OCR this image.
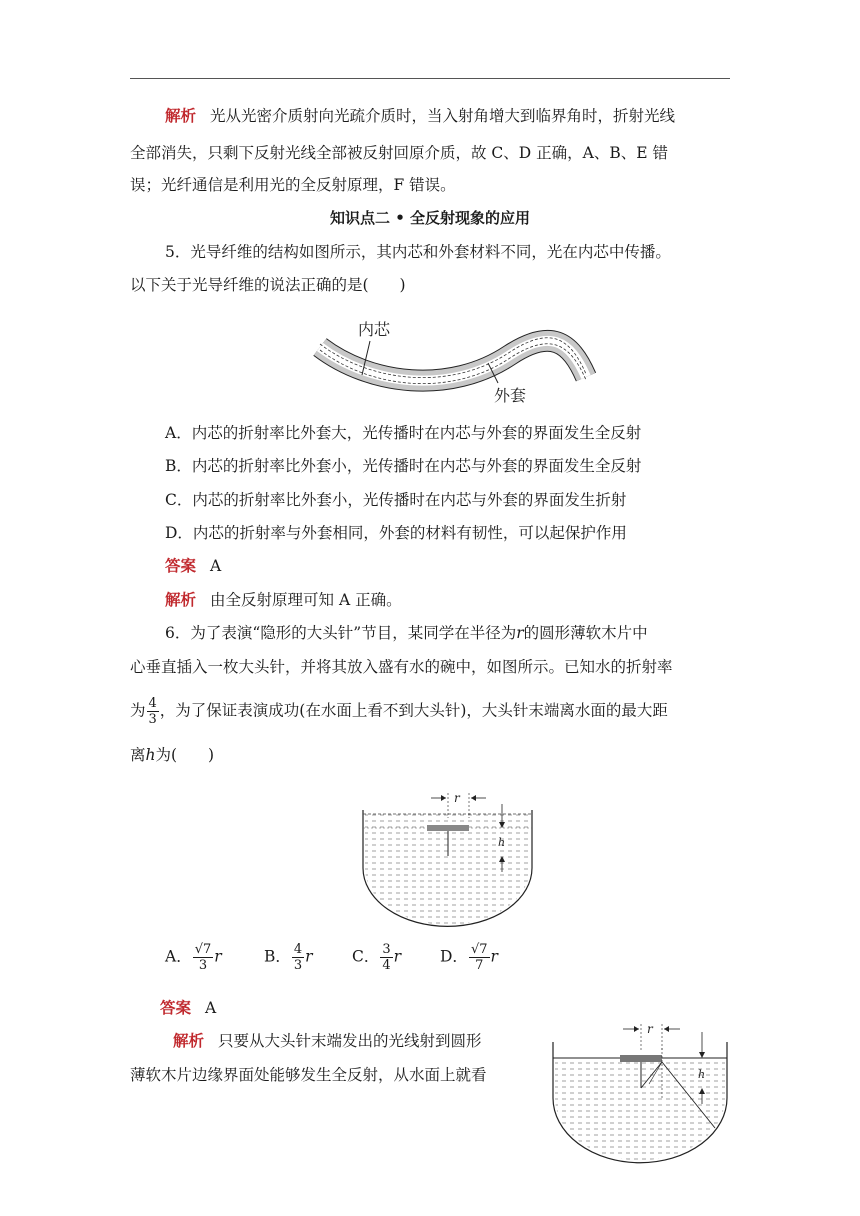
解析 光从光密介质射向光疏介质时，当入射角增大到临界角时，折射光线
全部消失，只剩下反射光线全部被反射回原介质，故 C、D 正确，A、B、E 错
误；光纤通信是利用光的全反射原理，F 错误。
知识点二 • 全反射现象的应用
5．光导纤维的结构如图所示，其内芯和外套材料不同，光在内芯中传播。
以下关于光导纤维的说法正确的是(　　)
内芯
外套
A．内芯的折射率比外套大，光传播时在内芯与外套的界面发生全反射
B．内芯的折射率比外套小，光传播时在内芯与外套的界面发生全反射
C．内芯的折射率比外套小，光传播时在内芯与外套的界面发生折射
D．内芯的折射率与外套相同，外套的材料有韧性，可以起保护作用
答案 A
解析 由全反射原理可知 A 正确。
6．为了表演“隐形的大头针”节目，某同学在半径为r的圆形薄软木片中
心垂直插入一枚大头针，并将其放入盛有水的碗中，如图所示。已知水的折射率
为 $\frac{4}{3}$ ，为了保证表演成功(在水面上看不到大头针)，大头针末端离水面的最大距
离h为(　　)
r
h
A． $\frac{√7}{3}$ r	B． $\frac{4}{3}$ r	C． $\frac{3}{4}$ r	D． $\frac{√7}{7}$ r
答案 A
解析 只要从大头针末端发出的光线射到圆形
薄软木片边缘界面处能够发生全反射，从水面上就看
r
h
